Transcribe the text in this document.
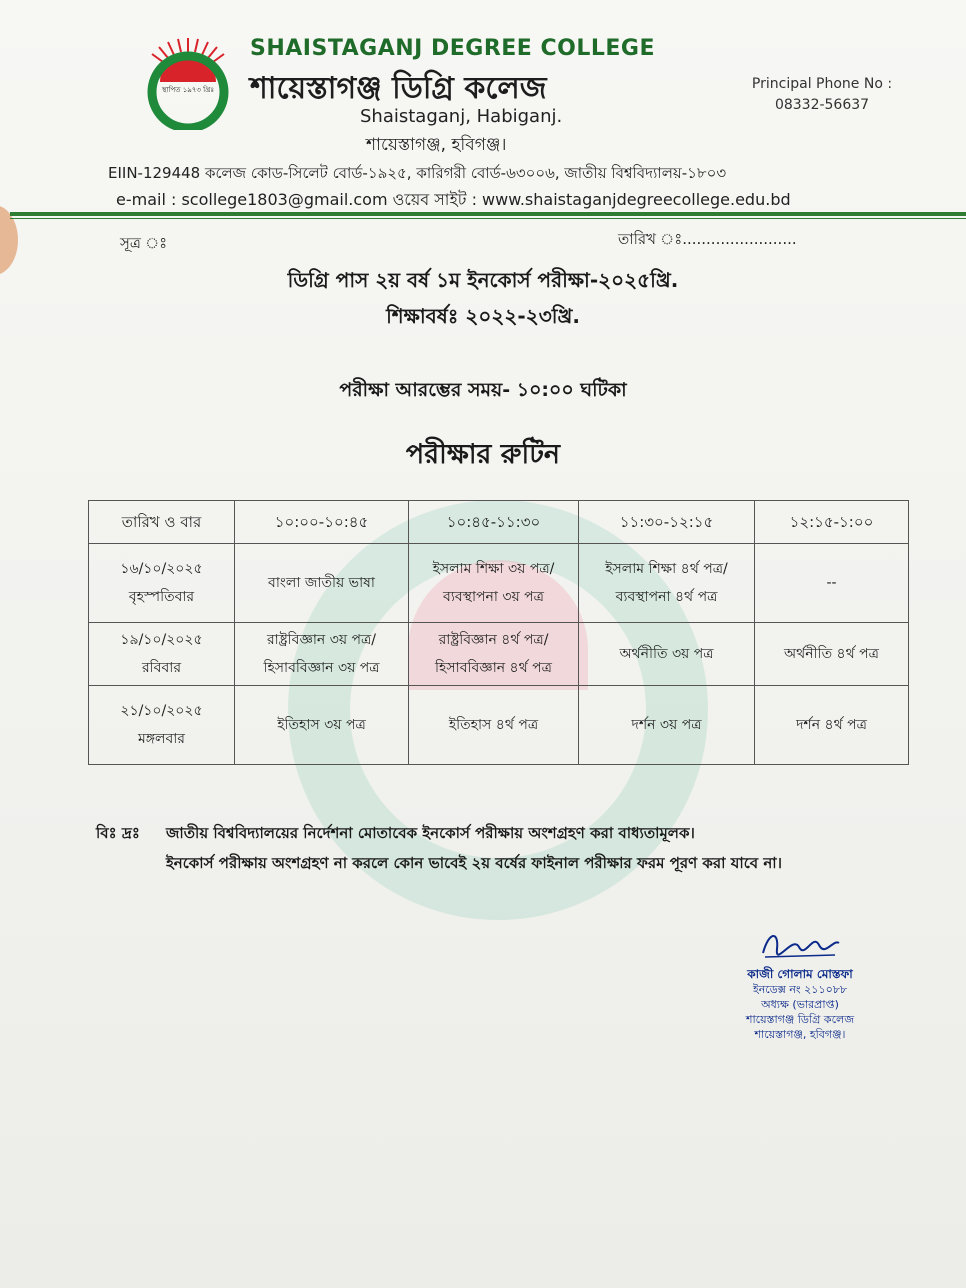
স্থাপিত ১৯৭৩ খ্রিঃ
SHAISTAGANJ DEGREE COLLEGE
শায়েস্তাগঞ্জ ডিগ্রি কলেজ
Shaistaganj, Habiganj.
শায়েস্তাগঞ্জ, হবিগঞ্জ।
Principal Phone No :
08332-56637
EIIN-129448 কলেজ কোড-সিলেট বোর্ড-১৯২৫, কারিগরী বোর্ড-৬৩০০৬, জাতীয় বিশ্ববিদ্যালয়-১৮০৩
e-mail : scollege1803@gmail.com ওয়েব সাইট : www.shaistaganjdegreecollege.edu.bd
সূত্র ঃ	তারিখ ঃ........................
ডিগ্রি পাস ২য় বর্ষ ১ম ইনকোর্স পরীক্ষা-২০২৫খ্রি.
শিক্ষাবর্ষঃ ২০২২-২৩খ্রি.
পরীক্ষা আরম্ভের সময়- ১০:০০ ঘটিকা
পরীক্ষার রুটিন
তারিখ ও বার	১০:০০-১০:৪৫	১০:৪৫-১১:৩০	১১:৩০-১২:১৫	১২:১৫-১:০০

১৬/১০/২০২৫
বৃহস্পতিবার	বাংলা জাতীয় ভাষা	ইসলাম শিক্ষা ৩য় পত্র/ ব্যবস্থাপনা ৩য় পত্র	ইসলাম শিক্ষা ৪র্থ পত্র/ ব্যবস্থাপনা ৪র্থ পত্র	--

১৯/১০/২০২৫
রবিবার	রাষ্ট্রবিজ্ঞান ৩য় পত্র/ হিসাববিজ্ঞান ৩য় পত্র	রাষ্ট্রবিজ্ঞান ৪র্থ পত্র/ হিসাববিজ্ঞান ৪র্থ পত্র	অর্থনীতি ৩য় পত্র	অর্থনীতি ৪র্থ পত্র

২১/১০/২০২৫
মঙ্গলবার	ইতিহাস ৩য় পত্র	ইতিহাস ৪র্থ পত্র	দর্শন ৩য় পত্র	দর্শন ৪র্থ পত্র
বিঃ দ্রঃ জাতীয় বিশ্ববিদ্যালয়ের নির্দেশনা মোতাবেক ইনকোর্স পরীক্ষায় অংশগ্রহণ করা বাধ্যতামূলক।
ইনকোর্স পরীক্ষায় অংশগ্রহণ না করলে কোন ভাবেই ২য় বর্ষের ফাইনাল পরীক্ষার ফরম পূরণ করা যাবে না।
কাজী গোলাম মোস্তফা
ইনডেক্স নং ২১১০৮৮
অধ্যক্ষ (ভারপ্রাপ্ত)
শায়েস্তাগঞ্জ ডিগ্রি কলেজ
শায়েস্তাগঞ্জ, হবিগঞ্জ।
